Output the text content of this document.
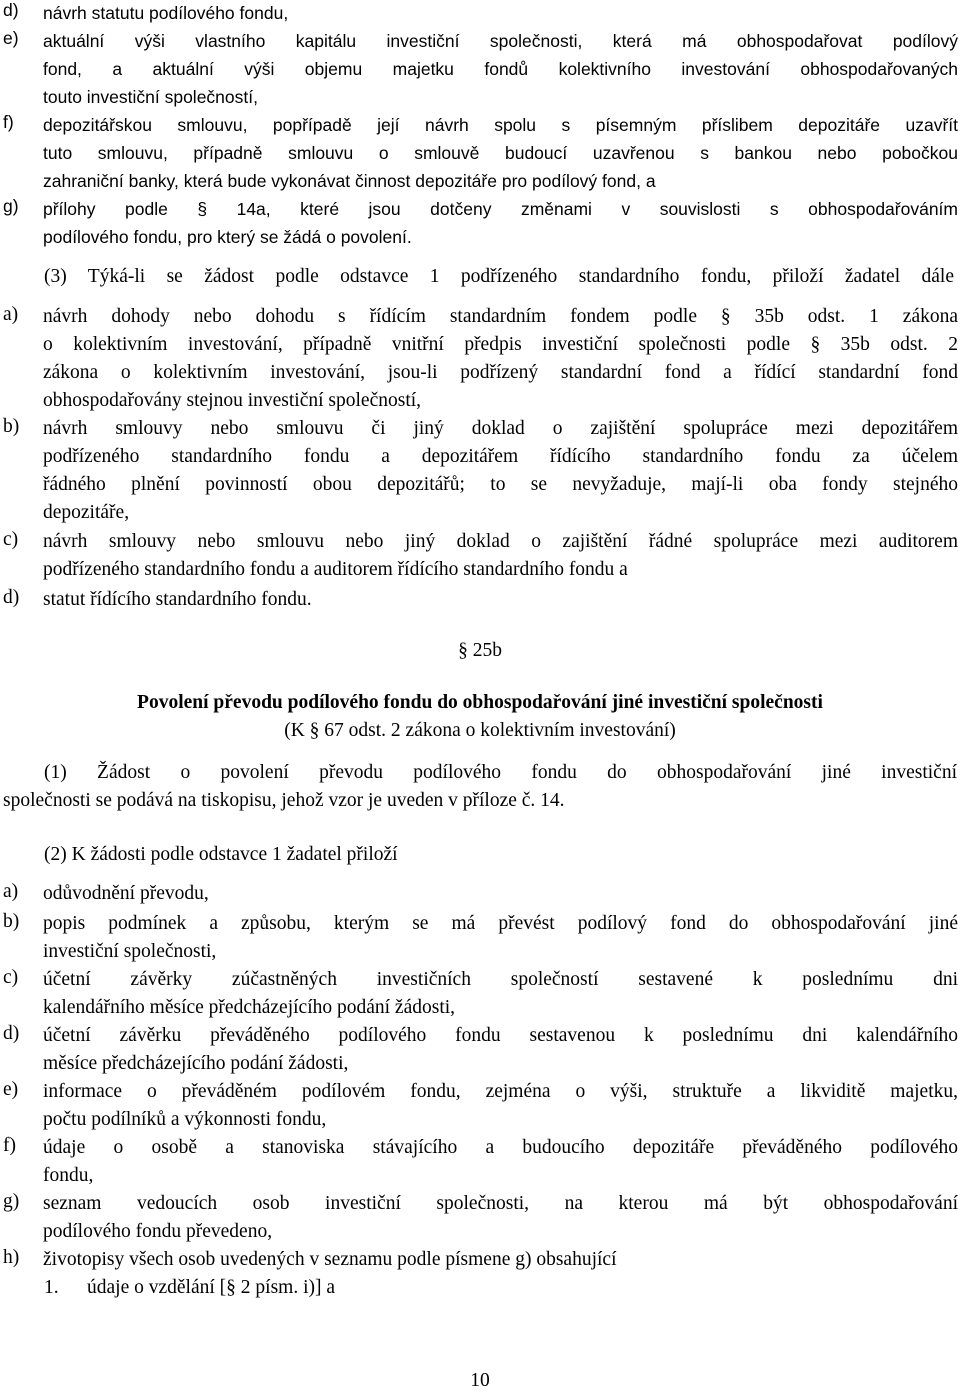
d) návrh statutu podílového fondu,
e) aktuální výši vlastního kapitálu investiční společnosti, která má obhospodařovat podílový
fond, a aktuální výši objemu majetku fondů kolektivního investování obhospodařovaných
touto investiční společností,
f) depozitářskou smlouvu, popřípadě její návrh spolu s písemným příslibem depozitáře uzavřít
tuto smlouvu, případně smlouvu o smlouvě budoucí uzavřenou s bankou nebo pobočkou
zahraniční banky, která bude vykonávat činnost depozitáře pro podílový fond, a
g) přílohy podle § 14a, které jsou dotčeny změnami v souvislosti s obhospodařováním
podílového fondu, pro který se žádá o povolení.
(3) Týká-li se žádost podle odstavce 1 podřízeného standardního fondu, přiloží žadatel dále
a) návrh dohody nebo dohodu s řídícím standardním fondem podle § 35b odst. 1 zákona
o kolektivním investování, případně vnitřní předpis investiční společnosti podle § 35b odst. 2
zákona o kolektivním investování, jsou-li podřízený standardní fond a řídící standardní fond
obhospodařovány stejnou investiční společností,
b) návrh smlouvy nebo smlouvu či jiný doklad o zajištění spolupráce mezi depozitářem
podřízeného standardního fondu a depozitářem řídícího standardního fondu za účelem
řádného plnění povinností obou depozitářů; to se nevyžaduje, mají-li oba fondy stejného
depozitáře,
c) návrh smlouvy nebo smlouvu nebo jiný doklad o zajištění řádné spolupráce mezi auditorem
podřízeného standardního fondu a auditorem řídícího standardního fondu a
d) statut řídícího standardního fondu.
§ 25b
Povolení převodu podílového fondu do obhospodařování jiné investiční společnosti
(K § 67 odst. 2 zákona o kolektivním investování)
(1) Žádost o povolení převodu podílového fondu do obhospodařování jiné investiční
společnosti se podává na tiskopisu, jehož vzor je uveden v příloze č. 14.
(2) K žádosti podle odstavce 1 žadatel přiloží
a) odůvodnění převodu,
b) popis podmínek a způsobu, kterým se má převést podílový fond do obhospodařování jiné
investiční společnosti,
c) účetní závěrky zúčastněných investičních společností sestavené k poslednímu dni
kalendářního měsíce předcházejícího podání žádosti,
d) účetní závěrku převáděného podílového fondu sestavenou k poslednímu dni kalendářního
měsíce předcházejícího podání žádosti,
e) informace o převáděném podílovém fondu, zejména o výši, struktuře a likviditě majetku,
počtu podílníků a výkonnosti fondu,
f) údaje o osobě a stanoviska stávajícího a budoucího depozitáře převáděného podílového
fondu,
g) seznam vedoucích osob investiční společnosti, na kterou má být obhospodařování
podílového fondu převedeno,
h) životopisy všech osob uvedených v seznamu podle písmene g) obsahující
1. údaje o vzdělání [§ 2 písm. i)] a
10
